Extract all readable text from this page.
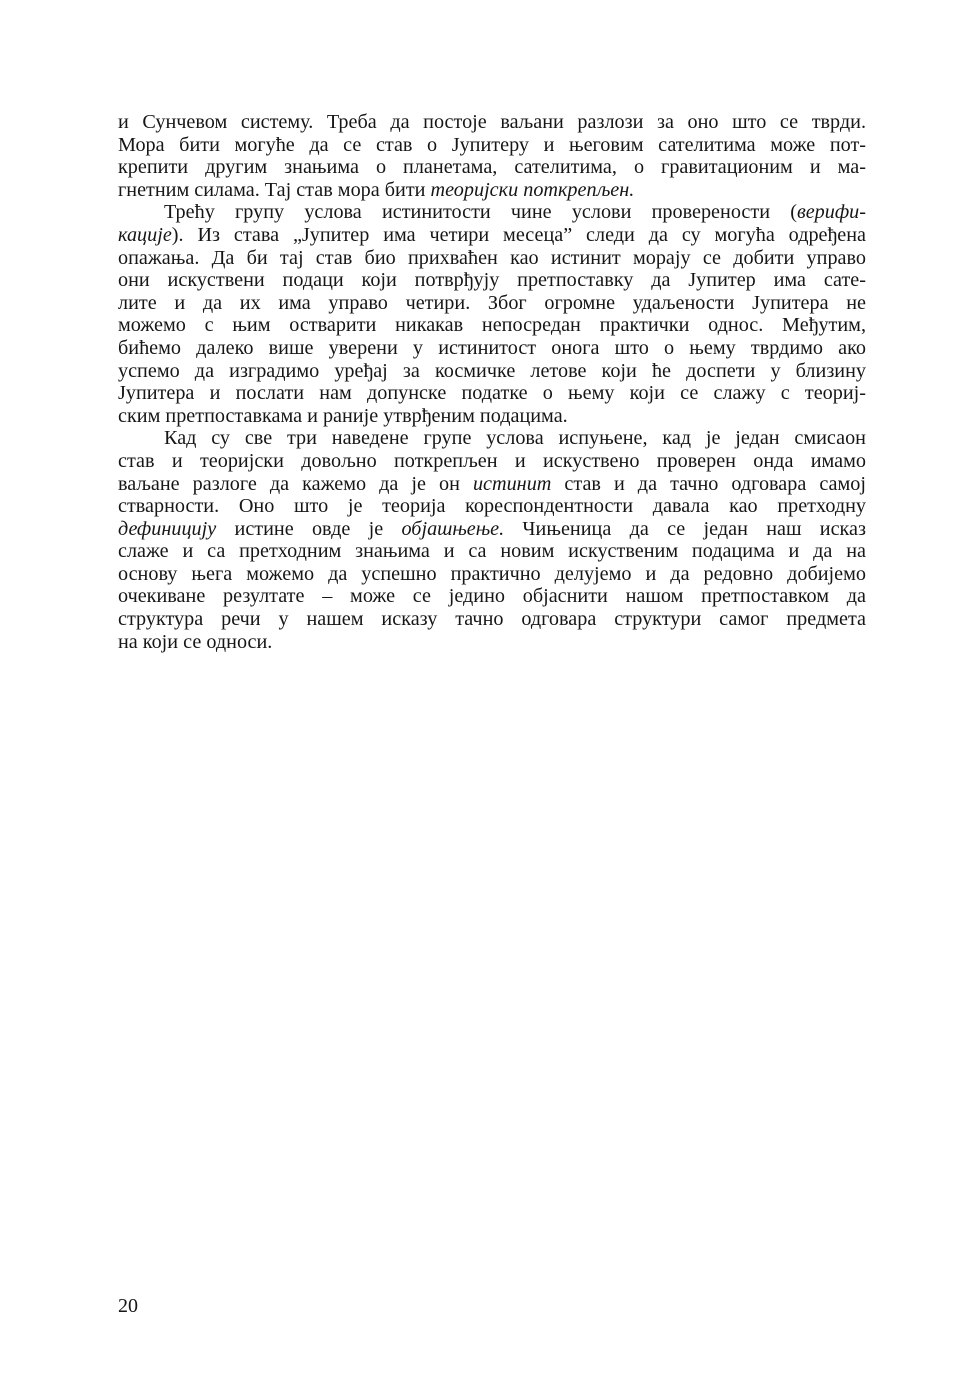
и Сунчевом систему. Трeба да постоје ваљани разлози за оно што се тврди.
Мора бити могуће да се став о Јупитеру и његовим сателитима може пот-
крепити другим знањима о планетама, сателитима, о гравитационим и ма-
гнетним силама. Тај став мора бити теоријски поткрепљен.

Трећу групу услова истинитости чине услови проверености (верифи-
кације). Из става „Јупитер има четири месеца” следи да су могућа одређена
опажања. Да би тај став био прихваћен као истинит морају се добити управо
они искуствени подаци који потврђују претпоставку да Јупитер има сате-
лите и да их има управо четири. Због огромне удаљености Јупитера не
можемо с њим остварити никакав непосредан практички однос. Међутим,
бићемо далеко више уверени у истинитост онога што о њему тврдимо ако
успемо да изградимо уређај за космичке летове који ће доспети у близину
Јупитера и послати нам допунске податке о њему који се слажу с теориј-
ским претпоставкама и раније утврђеним подацима.

Кад су све три наведене групе услова испуњене, кад је један смисаон
став и теоријски довољно поткрепљен и искуствено проверен онда имамо
ваљане разлоге да кажемо да је он истинит став и да тачно одговара самој
стварности. Оно што је теорија кореспондентности давала као претходну
дефиницију истине овде је објашњење. Чињеница да се један наш исказ
слаже и са претходним знањима и са новим искуственим подацима и да на
основу њега можемо да успешно практично делујемо и да редовно добијемо
очекиване резултате – може се једино објаснити нашом претпоставком да
структура речи у нашем исказу тачно одговара структури самог предмета
на који се односи.

20
